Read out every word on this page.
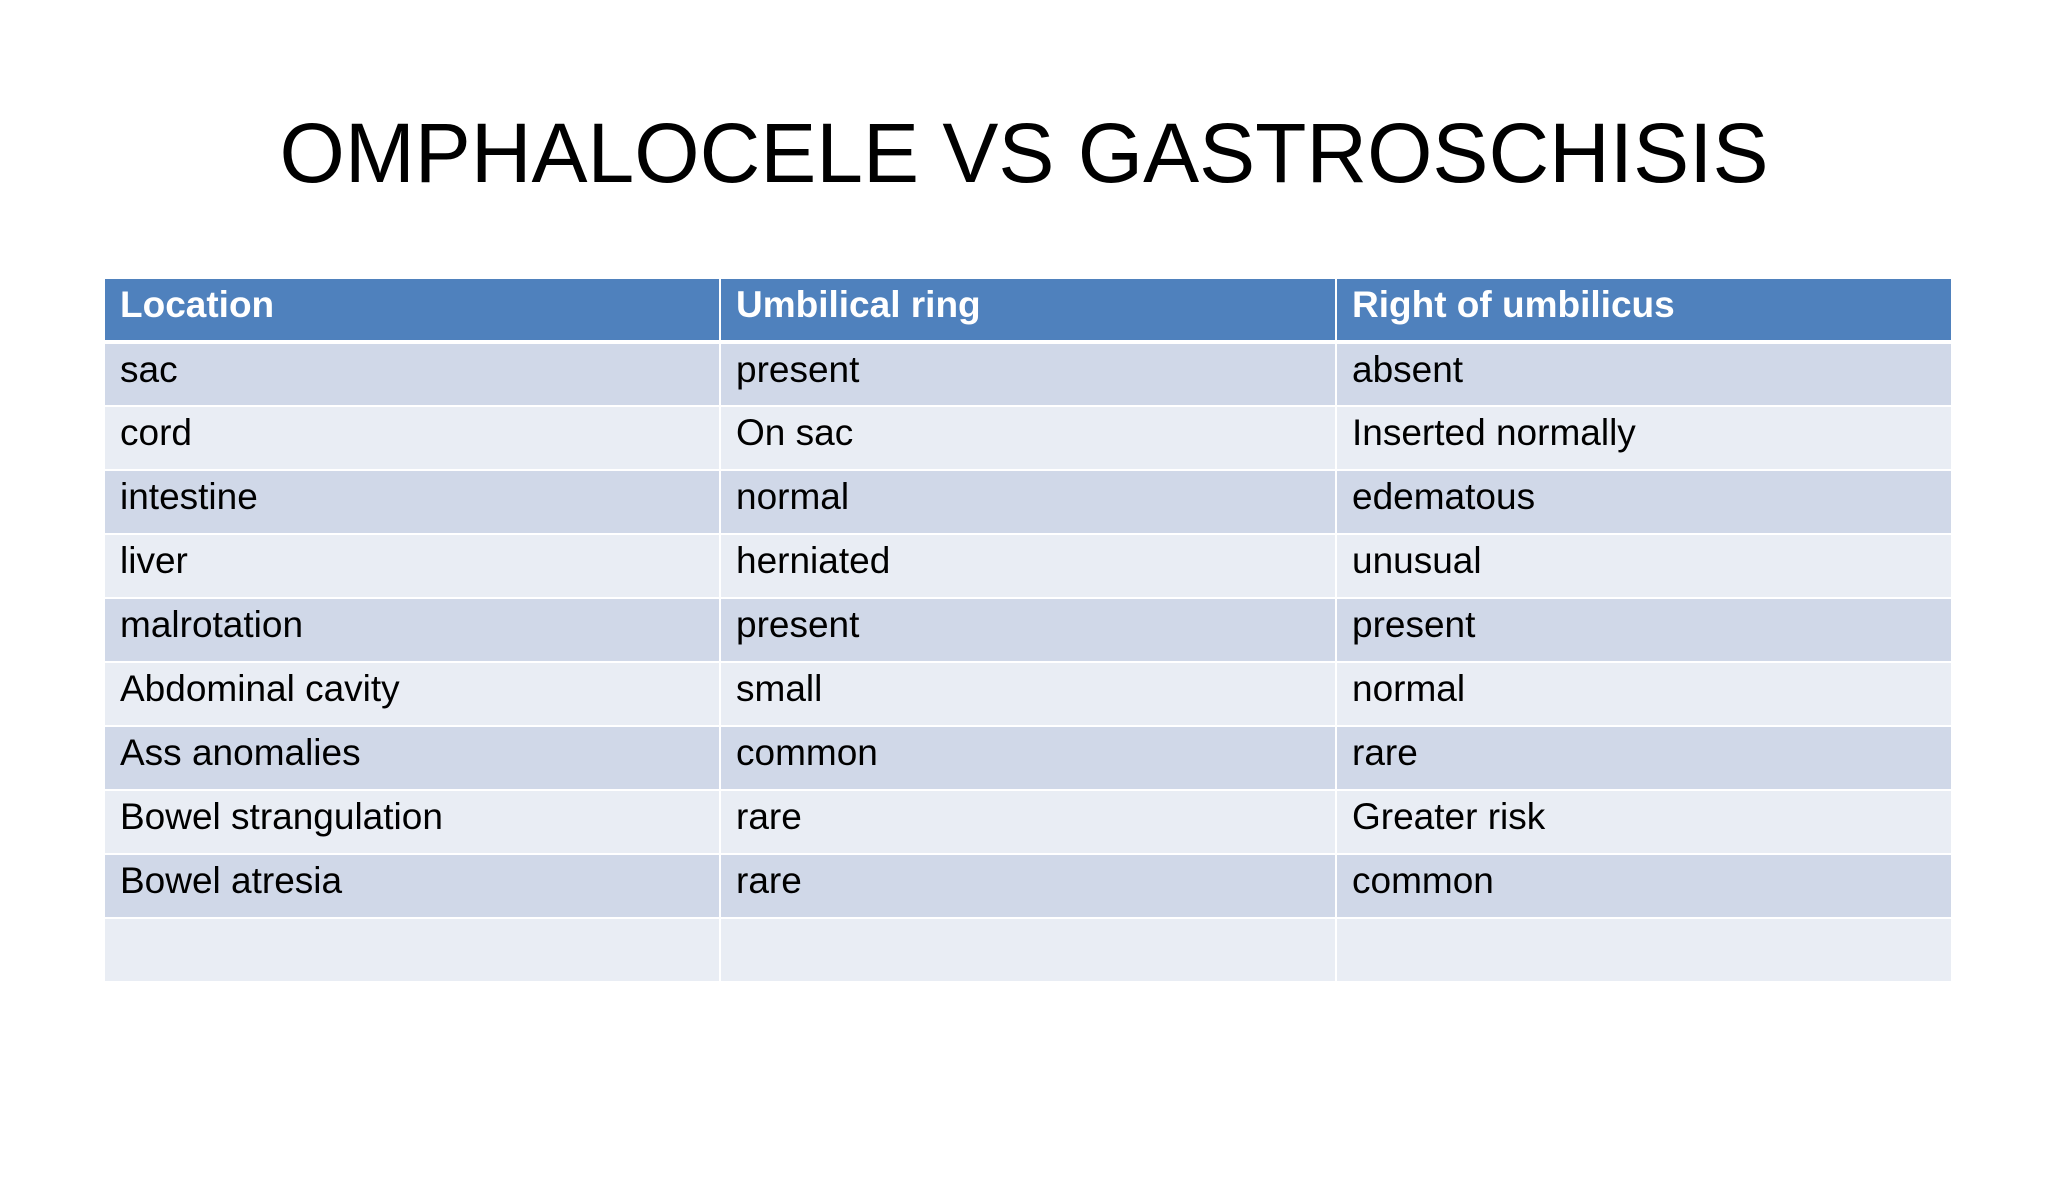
OMPHALOCELE VS GASTROSCHISIS
Location	Umbilical ring	Right of umbilicus
sac	present	absent
cord	On sac	Inserted normally
intestine	normal	edematous
liver	herniated	unusual
malrotation	present	present
Abdominal cavity	small	normal
Ass anomalies	common	rare
Bowel strangulation	rare	Greater risk
Bowel atresia	rare	common
